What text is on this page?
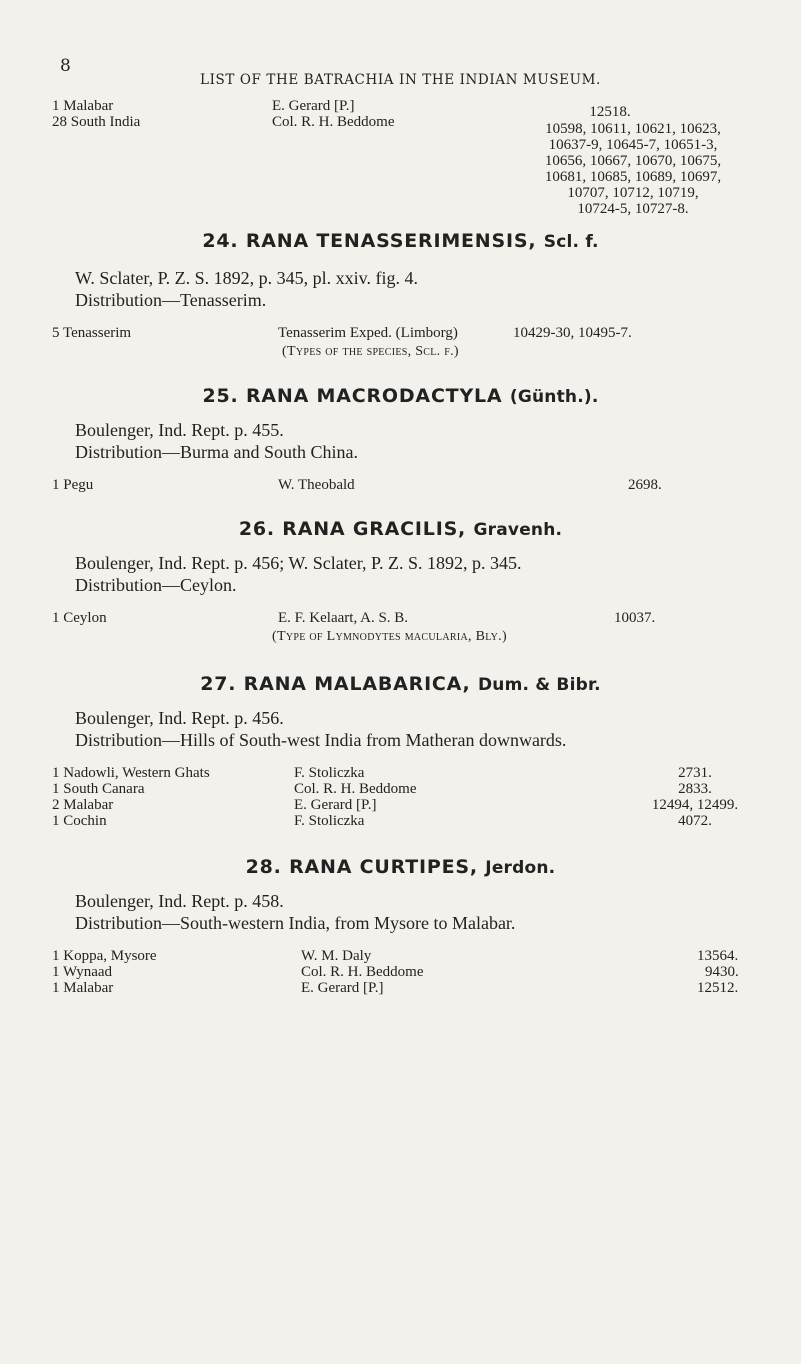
8
LIST OF THE BATRACHIA IN THE INDIAN MUSEUM.
1 Malabar	E. Gerard [P.]	12518.
28 South India	Col. R. H. Beddome	10598, 10611, 10621, 10623,
10637-9, 10645-7, 10651-3,
10656, 10667, 10670, 10675,
10681, 10685, 10689, 10697,
10707, 10712, 10719,
10724-5, 10727-8.
24. RANA TENASSERIMENSIS, Scl. f.
W. Sclater, P. Z. S. 1892, p. 345, pl. xxiv. fig. 4.
Distribution—Tenasserim.
5 Tenasserim	Tenasserim Exped. (Limborg)	10429-30, 10495-7.
(Types of the species, Scl. f.)
25. RANA MACRODACTYLA (Günth.).
Boulenger, Ind. Rept. p. 455.
Distribution—Burma and South China.
1 Pegu	W. Theobald	2698.
26. RANA GRACILIS, Gravenh.
Boulenger, Ind. Rept. p. 456; W. Sclater, P. Z. S. 1892, p. 345.
Distribution—Ceylon.
1 Ceylon	E. F. Kelaart, A. S. B.	10037.
(Type of Lymnodytes macularia, Bly.)
27. RANA MALABARICA, Dum. & Bibr.
Boulenger, Ind. Rept. p. 456.
Distribution—Hills of South-west India from Matheran downwards.
1 Nadowli, Western Ghats	F. Stoliczka	2731.
1 South Canara	Col. R. H. Beddome	2833.
2 Malabar	E. Gerard [P.]	12494, 12499.
1 Cochin	F. Stoliczka	4072.
28. RANA CURTIPES, Jerdon.
Boulenger, Ind. Rept. p. 458.
Distribution—South-western India, from Mysore to Malabar.
1 Koppa, Mysore	W. M. Daly	13564.
1 Wynaad	Col. R. H. Beddome	9430.
1 Malabar	E. Gerard [P.]	12512.
